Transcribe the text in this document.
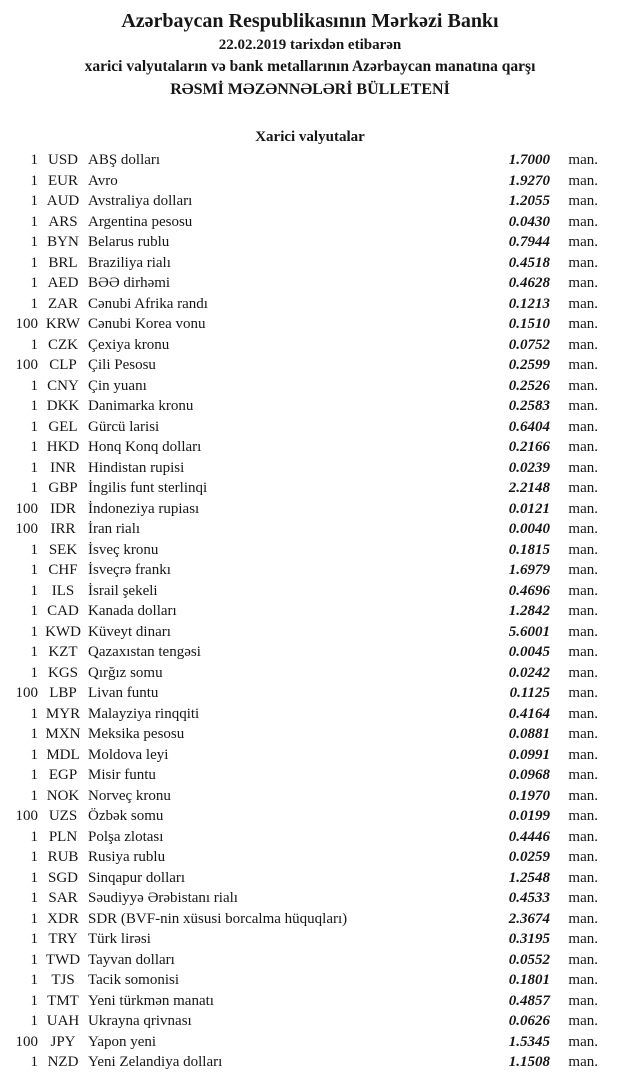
Azərbaycan Respublikasının Mərkəzi Bankı
22.02.2019 tarixdən etibarən
xarici valyutaların və bank metallarının Azərbaycan manatına qarşı
RƏSMİ MƏZƏNNƏLƏRİ BÜLLETENİ
Xarici valyutalar
1 USD ABŞ dolları	1.7000	man.
1 EUR Avro	1.9270	man.
1 AUD Avstraliya dolları	1.2055	man.
1 ARS Argentina pesosu	0.0430	man.
1 BYN Belarus rublu	0.7944	man.
1 BRL Braziliya rialı	0.4518	man.
1 AED BƏƏ dirhəmi	0.4628	man.
1 ZAR Cənubi Afrika randı	0.1213	man.
100 KRW Cənubi Korea vonu	0.1510	man.
1 CZK Çexiya kronu	0.0752	man.
100 CLP Çili Pesosu	0.2599	man.
1 CNY Çin yuanı	0.2526	man.
1 DKK Danimarka kronu	0.2583	man.
1 GEL Gürcü larisi	0.6404	man.
1 HKD Honq Konq dolları	0.2166	man.
1 INR Hindistan rupisi	0.0239	man.
1 GBP İngilis funt sterlinqi	2.2148	man.
100 IDR İndoneziya rupiası	0.0121	man.
100 IRR İran rialı	0.0040	man.
1 SEK İsveç kronu	0.1815	man.
1 CHF İsveçrə frankı	1.6979	man.
1 ILS İsrail şekeli	0.4696	man.
1 CAD Kanada dolları	1.2842	man.
1 KWD Küveyt dinarı	5.6001	man.
1 KZT Qazaxıstan tengəsi	0.0045	man.
1 KGS Qırğız somu	0.0242	man.
100 LBP Livan funtu	0.1125	man.
1 MYR Malayziya rinqqiti	0.4164	man.
1 MXN Meksika pesosu	0.0881	man.
1 MDL Moldova leyi	0.0991	man.
1 EGP Misir funtu	0.0968	man.
1 NOK Norveç kronu	0.1970	man.
100 UZS Özbək somu	0.0199	man.
1 PLN Polşa zlotası	0.4446	man.
1 RUB Rusiya rublu	0.0259	man.
1 SGD Sinqapur dolları	1.2548	man.
1 SAR Səudiyyə Ərəbistanı rialı	0.4533	man.
1 XDR SDR (BVF-nin xüsusi borcalma hüquqları)	2.3674	man.
1 TRY Türk lirəsi	0.3195	man.
1 TWD Tayvan dolları	0.0552	man.
1 TJS Tacik somonisi	0.1801	man.
1 TMT Yeni türkmən manatı	0.4857	man.
1 UAH Ukrayna qrivnası	0.0626	man.
100 JPY Yapon yeni	1.5345	man.
1 NZD Yeni Zelandiya dolları	1.1508	man.
